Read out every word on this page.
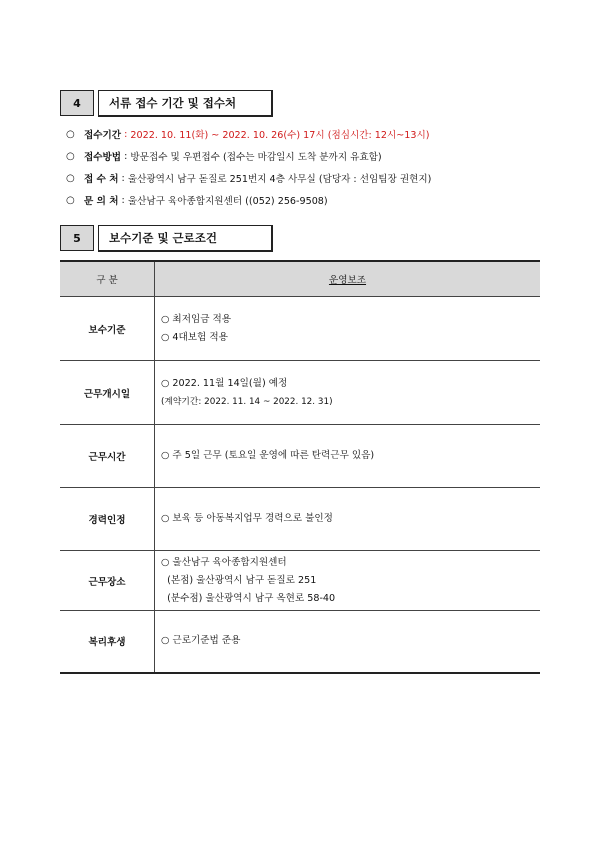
4	서류 접수 기간 및 접수처
○ 접수기간 : 2022. 10. 11(화) ~ 2022. 10. 26(수) 17시 (점심시간: 12시~13시)
○ 접수방법 : 방문접수 및 우편접수 (접수는 마감일시 도착 분까지 유효함)
○ 접 수 처 : 울산광역시 남구 돋질로 251번지 4층 사무실 (담당자 : 선임팀장 권현지)
○ 문 의 처 : 울산남구 육아종합지원센터 ((052) 256-9508)
5	보수기준 및 근로조건
구 분	운영보조
보수기준	○ 최저임금 적용
○ 4대보험 적용

근무개시일	○ 2022. 11월 14일(월) 예정
(계약기간: 2022. 11. 14 ~ 2022. 12. 31)

근무시간	○ 주 5일 근무 (토요일 운영에 따른 탄력근무 있음)

경력인정	○ 보육 등 아동복지업무 경력으로 불인정

근무장소	○ 울산남구 육아종합지원센터
(본점) 울산광역시 남구 돋질로 251
(분수점) 울산광역시 남구 옥현로 58-40

복리후생	○ 근로기준법 준용
